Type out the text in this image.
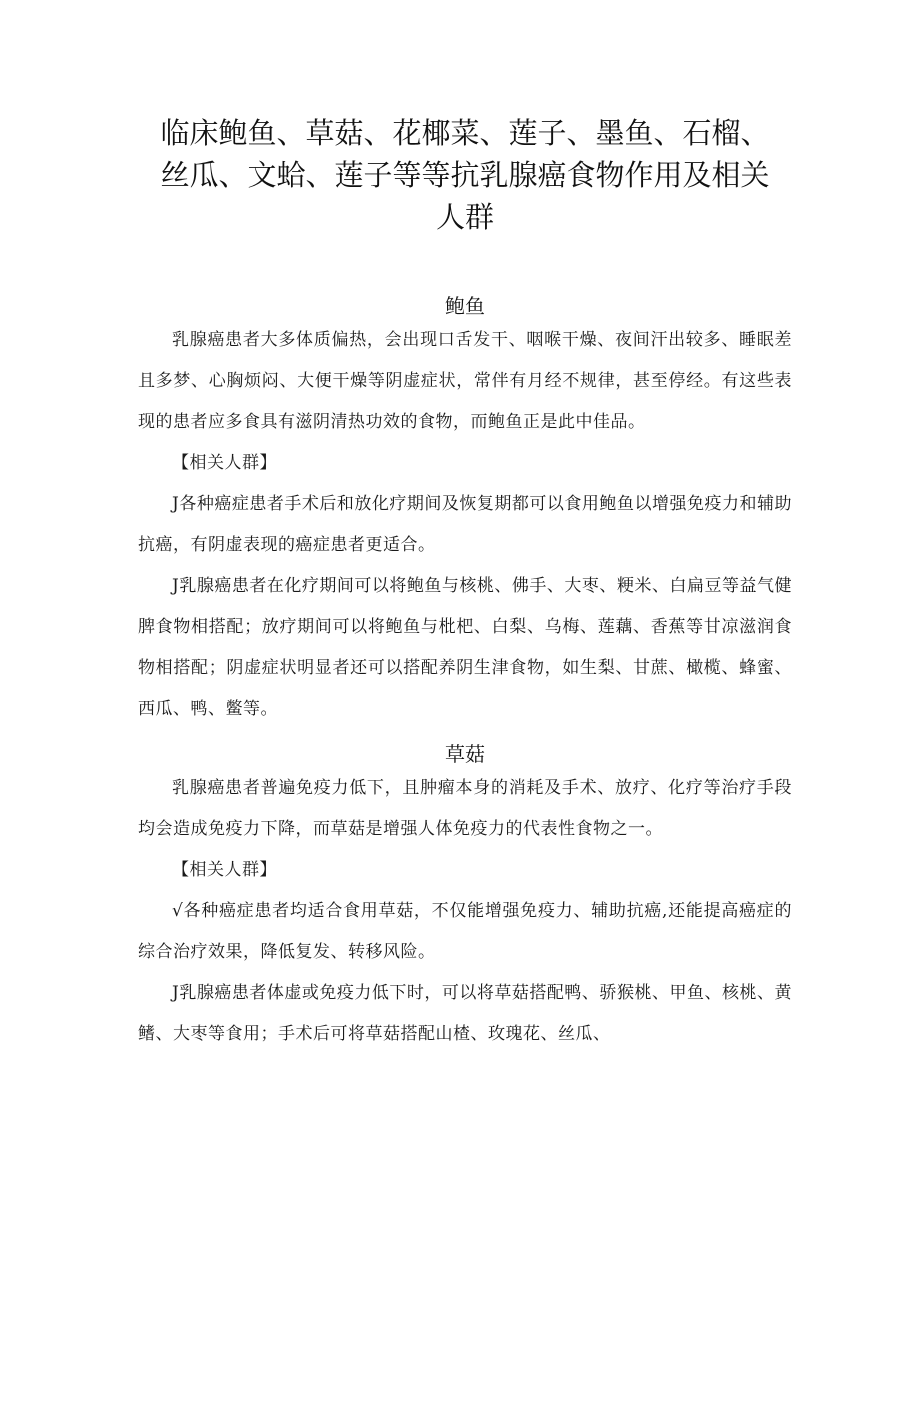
临床鲍鱼、草菇、花椰菜、莲子、墨鱼、石榴、丝瓜、文蛤、莲子等等抗乳腺癌食物作用及相关人群
鲍鱼

乳腺癌患者大多体质偏热，会出现口舌发干、咽喉干燥、夜间汗出较多、睡眠差且多梦、心胸烦闷、大便干燥等阴虚症状，常伴有月经不规律，甚至停经。有这些表现的患者应多食具有滋阴清热功效的食物，而鲍鱼正是此中佳品。

【相关人群】

J各种癌症患者手术后和放化疗期间及恢复期都可以食用鲍鱼以增强免疫力和辅助抗癌，有阴虚表现的癌症患者更适合。

J乳腺癌患者在化疗期间可以将鲍鱼与核桃、佛手、大枣、粳米、白扁豆等益气健脾食物相搭配；放疗期间可以将鲍鱼与枇杷、白梨、乌梅、莲藕、香蕉等甘凉滋润食物相搭配；阴虚症状明显者还可以搭配养阴生津食物，如生梨、甘蔗、橄榄、蜂蜜、西瓜、鸭、鳖等。

草菇

乳腺癌患者普遍免疫力低下，且肿瘤本身的消耗及手术、放疗、化疗等治疗手段均会造成免疫力下降，而草菇是增强人体免疫力的代表性食物之一。

【相关人群】

√各种癌症患者均适合食用草菇，不仅能增强免疫力、辅助抗癌,还能提高癌症的综合治疗效果，降低复发、转移风险。

J乳腺癌患者体虚或免疫力低下时，可以将草菇搭配鸭、骄猴桃、甲鱼、核桃、黄鳍、大枣等食用；手术后可将草菇搭配山楂、玫瑰花、丝瓜、
